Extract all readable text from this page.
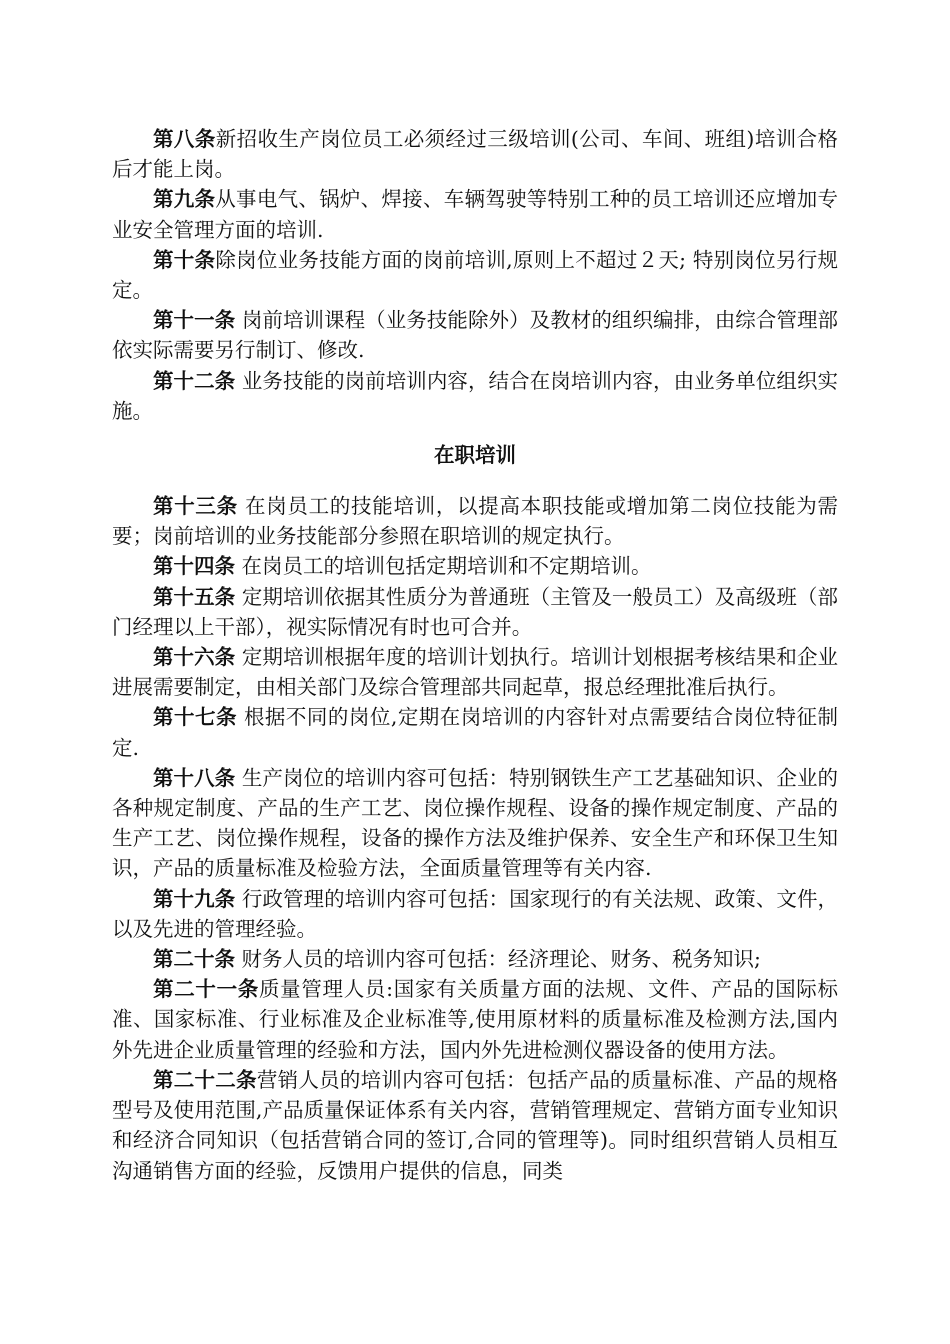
第八条新招收生产岗位员工必须经过三级培训(公司、车间、班组)培训合格后才能上岗。

第九条从事电气、锅炉、焊接、车辆驾驶等特别工种的员工培训还应增加专业安全管理方面的培训.

第十条除岗位业务技能方面的岗前培训,原则上不超过２天; 特别岗位另行规定。

第十一条 岗前培训课程（业务技能除外）及教材的组织编排，由综合管理部依实际需要另行制订、修改.

第十二条 业务技能的岗前培训内容，结合在岗培训内容，由业务单位组织实施。

在职培训

第十三条 在岗员工的技能培训，以提高本职技能或增加第二岗位技能为需要；岗前培训的业务技能部分参照在职培训的规定执行。

第十四条 在岗员工的培训包括定期培训和不定期培训。

第十五条 定期培训依据其性质分为普通班（主管及一般员工）及高级班（部门经理以上干部），视实际情况有时也可合并。

第十六条 定期培训根据年度的培训计划执行。培训计划根据考核结果和企业进展需要制定，由相关部门及综合管理部共同起草，报总经理批准后执行。

第十七条 根据不同的岗位,定期在岗培训的内容针对点需要结合岗位特征制定.

第十八条 生产岗位的培训内容可包括：特别钢铁生产工艺基础知识、企业的各种规定制度、产品的生产工艺、岗位操作规程、设备的操作规定制度、产品的生产工艺、岗位操作规程，设备的操作方法及维护保养、安全生产和环保卫生知识，产品的质量标准及检验方法，全面质量管理等有关内容.

第十九条 行政管理的培训内容可包括：国家现行的有关法规、政策、文件，以及先进的管理经验。

第二十条 财务人员的培训内容可包括：经济理论、财务、税务知识;

第二十一条质量管理人员:国家有关质量方面的法规、文件、产品的国际标准、国家标准、行业标准及企业标准等,使用原材料的质量标准及检测方法,国内外先进企业质量管理的经验和方法，国内外先进检测仪器设备的使用方法。

第二十二条营销人员的培训内容可包括：包括产品的质量标准、产品的规格型号及使用范围,产品质量保证体系有关内容，营销管理规定、营销方面专业知识和经济合同知识（包括营销合同的签订,合同的管理等)。同时组织营销人员相互沟通销售方面的经验，反馈用户提供的信息，同类
